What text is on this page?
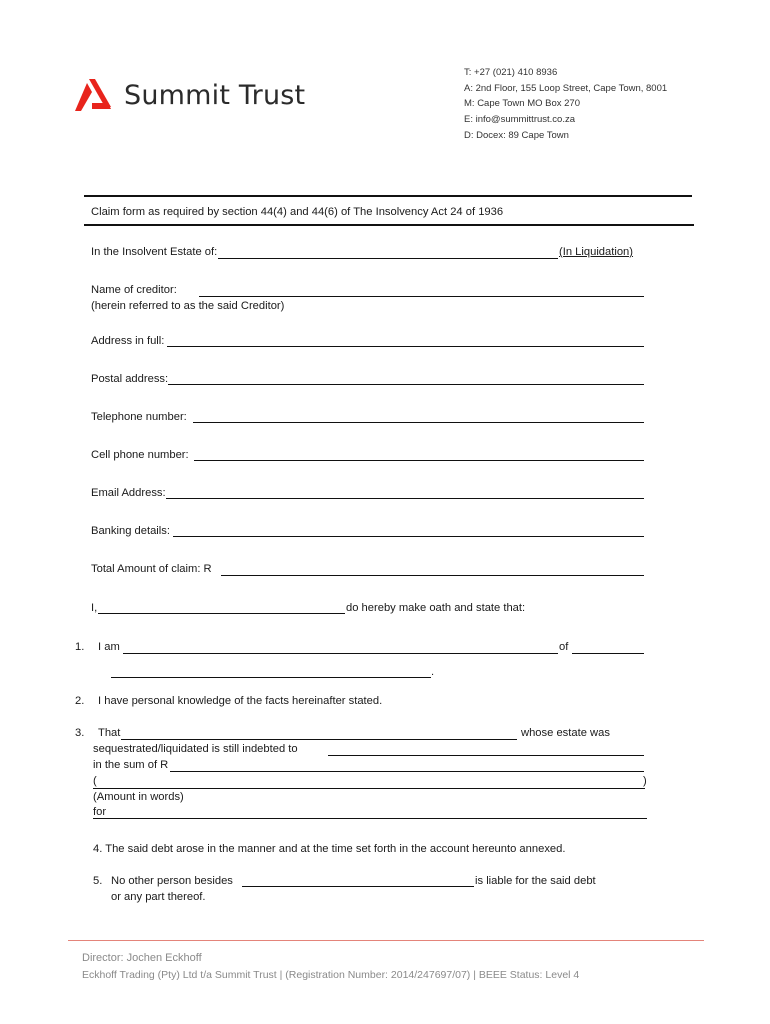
Summit Trust
T: +27 (021) 410 8936
A: 2nd Floor, 155 Loop Street, Cape Town, 8001
M: Cape Town MO Box 270
E: info@summittrust.co.za
D: Docex: 89 Cape Town
Claim form as required by section 44(4) and 44(6) of The Insolvency Act 24 of 1936
In the Insolvent Estate of:	(In Liquidation)
Name of creditor:
(herein referred to as the said Creditor)
Address in full:
Postal address:
Telephone number:
Cell phone number:
Email Address:
Banking details:
Total Amount of claim: R
I,	do hereby make oath and state that:
1. I am	of
.
2. I have personal knowledge of the facts hereinafter stated.
3. That	whose estate was
sequestrated/liquidated is still indebted to
in the sum of R
(	)
(Amount in words)
for
4. The said debt arose in the manner and at the time set forth in the account hereunto annexed.
5. No other person besides	is liable for the said debt
or any part thereof.
Director: Jochen Eckhoff
Eckhoff Trading (Pty) Ltd t/a Summit Trust | (Registration Number: 2014/247697/07) | BEEE Status: Level 4
